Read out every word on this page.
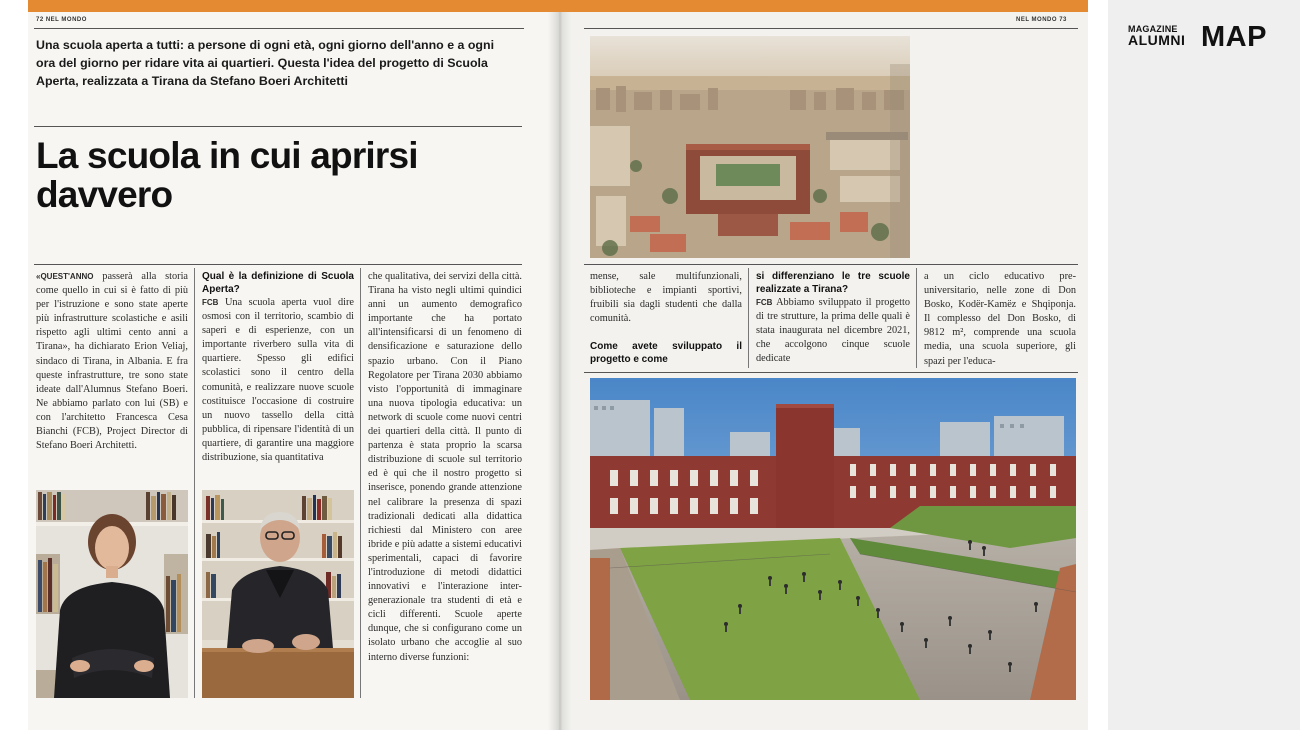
72 NEL MONDO
Una scuola aperta a tutti: a persone di ogni età, ogni giorno dell'anno e a ogni ora del giorno per ridare vita ai quartieri. Questa l'idea del progetto di Scuola Aperta, realizzata a Tirana da Stefano Boeri Architetti
La scuola in cui aprirsi davvero
«QUEST'ANNO passerà alla storia come quello in cui si è fatto di più per l'istruzione e sono state aperte più infrastrutture scolastiche e asili rispetto agli ultimi cento anni a Tirana», ha dichiarato Erion Veliaj, sindaco di Tirana, in Albania. E fra queste infrastrutture, tre sono state ideate dall'Alumnus Stefano Boeri. Ne abbiamo parlato con lui (SB) e con l'architetto Francesca Cesa Bianchi (FCB), Project Director di Stefano Boeri Architetti.
Qual è la definizione di Scuola Aperta?
FCB Una scuola aperta vuol dire osmosi con il territorio, scambio di saperi e di esperienze, con un importante riverbero sulla vita di quartiere. Spesso gli edifici scolastici sono il centro della comunità, e realizzare nuove scuole costituisce l'occasione di costruire un nuovo tassello della città pubblica, di ripensare l'identità di un quartiere, di garantire una maggiore distribuzione, sia quantitativa
che qualitativa, dei servizi della città. Tirana ha visto negli ultimi quindici anni un aumento demografico importante che ha portato all'intensificarsi di un fenomeno di densificazione e saturazione dello spazio urbano. Con il Piano Regolatore per Tirana 2030 abbiamo visto l'opportunità di immaginare una nuova tipologia educativa: un network di scuole come nuovi centri dei quartieri della città. Il punto di partenza è stata proprio la scarsa distribuzione di scuole sul territorio ed è qui che il nostro progetto si inserisce, ponendo grande attenzione nel calibrare la presenza di spazi tradizionali dedicati alla didattica richiesti dal Ministero con aree ibride e più adatte a sistemi educativi sperimentali, capaci di favorire l'introduzione di metodi didattici innovativi e l'interazione inter-generazionale tra studenti di età e cicli differenti. Scuole aperte dunque, che si configurano come un isolato urbano che accoglie al suo interno diverse funzioni:
NEL MONDO 73
mense, sale multifunzionali, biblioteche e impianti sportivi, fruibili sia dagli studenti che dalla comunità.
Come avete sviluppato il progetto e come
si differenziano le tre scuole realizzate a Tirana?
FCB Abbiamo sviluppato il progetto di tre strutture, la prima delle quali è stata inaugurata nel dicembre 2021, che accolgono cinque scuole dedicate
a un ciclo educativo pre-universitario, nelle zone di Don Bosko, Kodër-Kamëz e Shqiponja. Il complesso del Don Bosko, di 9812 m², comprende una scuola media, una scuola superiore, gli spazi per l'educa-
MAGAZINE
ALUMNI MAP
